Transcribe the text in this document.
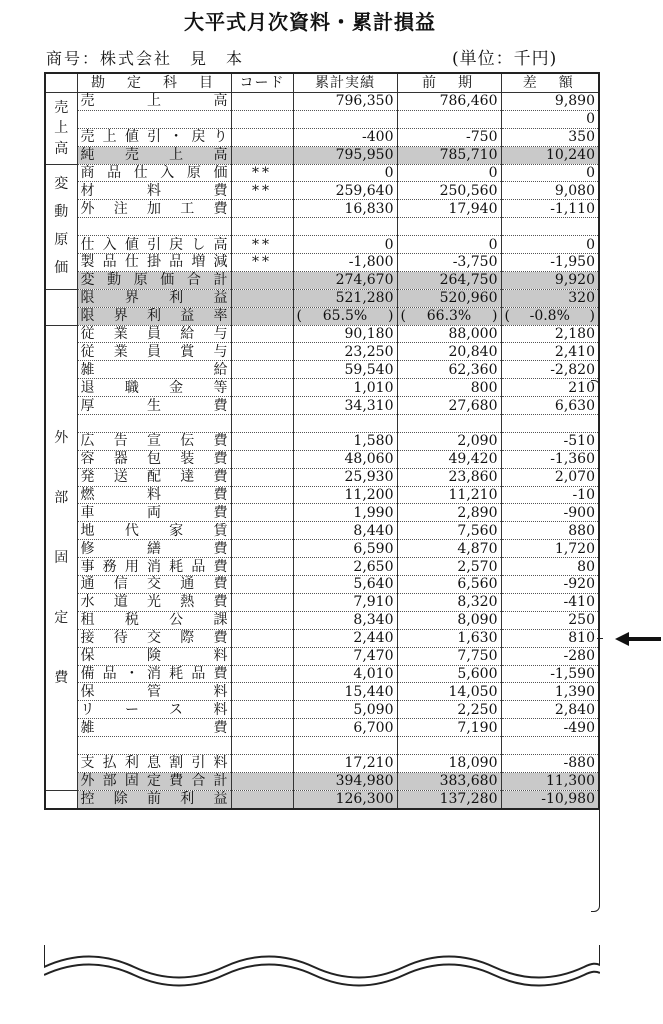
大平式月次資料・累計損益
商号：株式会社　見　本	(単位：千円)
	勘　定　科　目	コード	累計実績	前　期	差　額

売
上
高	売上高		796,350	786,460	9,890
					0
	売上値引・戻り		-400	-750	350
	純売上高		795,950	785,710	10,240

変
動
原
価	商品仕入原価	**	0	0	0
	材料費	**	259,640	250,560	9,080
	外注加工費		16,830	17,940	-1,110

	仕入値引戻し高	**	0	0	0
	製品仕掛品増減	**	-1,800	-3,750	-1,950
	変動原価合計		274,670	264,750	9,920
	限界利益		521,280	520,960	320
	限界利益率		( 65.5% )	( 66.3% )	( -0.8% )

外
部
固
定
費	従業員給与		90,180	88,000	2,180
	従業員賞与		23,250	20,840	2,410
	雑給		59,540	62,360	-2,820
	退職金等		1,010	800	210
	厚生費		34,310	27,680	6,630

	広告宣伝費		1,580	2,090	-510
	容器包装費		48,060	49,420	-1,360
	発送配達費		25,930	23,860	2,070
	燃料費		11,200	11,210	-10
	車両費		1,990	2,890	-900
	地代家賃		8,440	7,560	880
	修繕費		6,590	4,870	1,720
	事務用消耗品費		2,650	2,570	80
	通信交通費		5,640	6,560	-920
	水道光熱費		7,910	8,320	-410
	租税公課		8,340	8,090	250
	接待交際費		2,440	1,630	810
	保険料		7,470	7,750	-280
	備品・消耗品費		4,010	5,600	-1,590
	保管料		15,440	14,050	1,390
	リース料		5,090	2,250	2,840
	雑費		6,700	7,190	-490

	支払利息割引料		17,210	18,090	-880
	外部固定費合計		394,980	383,680	11,300
	控除前利益		126,300	137,280	-10,980
